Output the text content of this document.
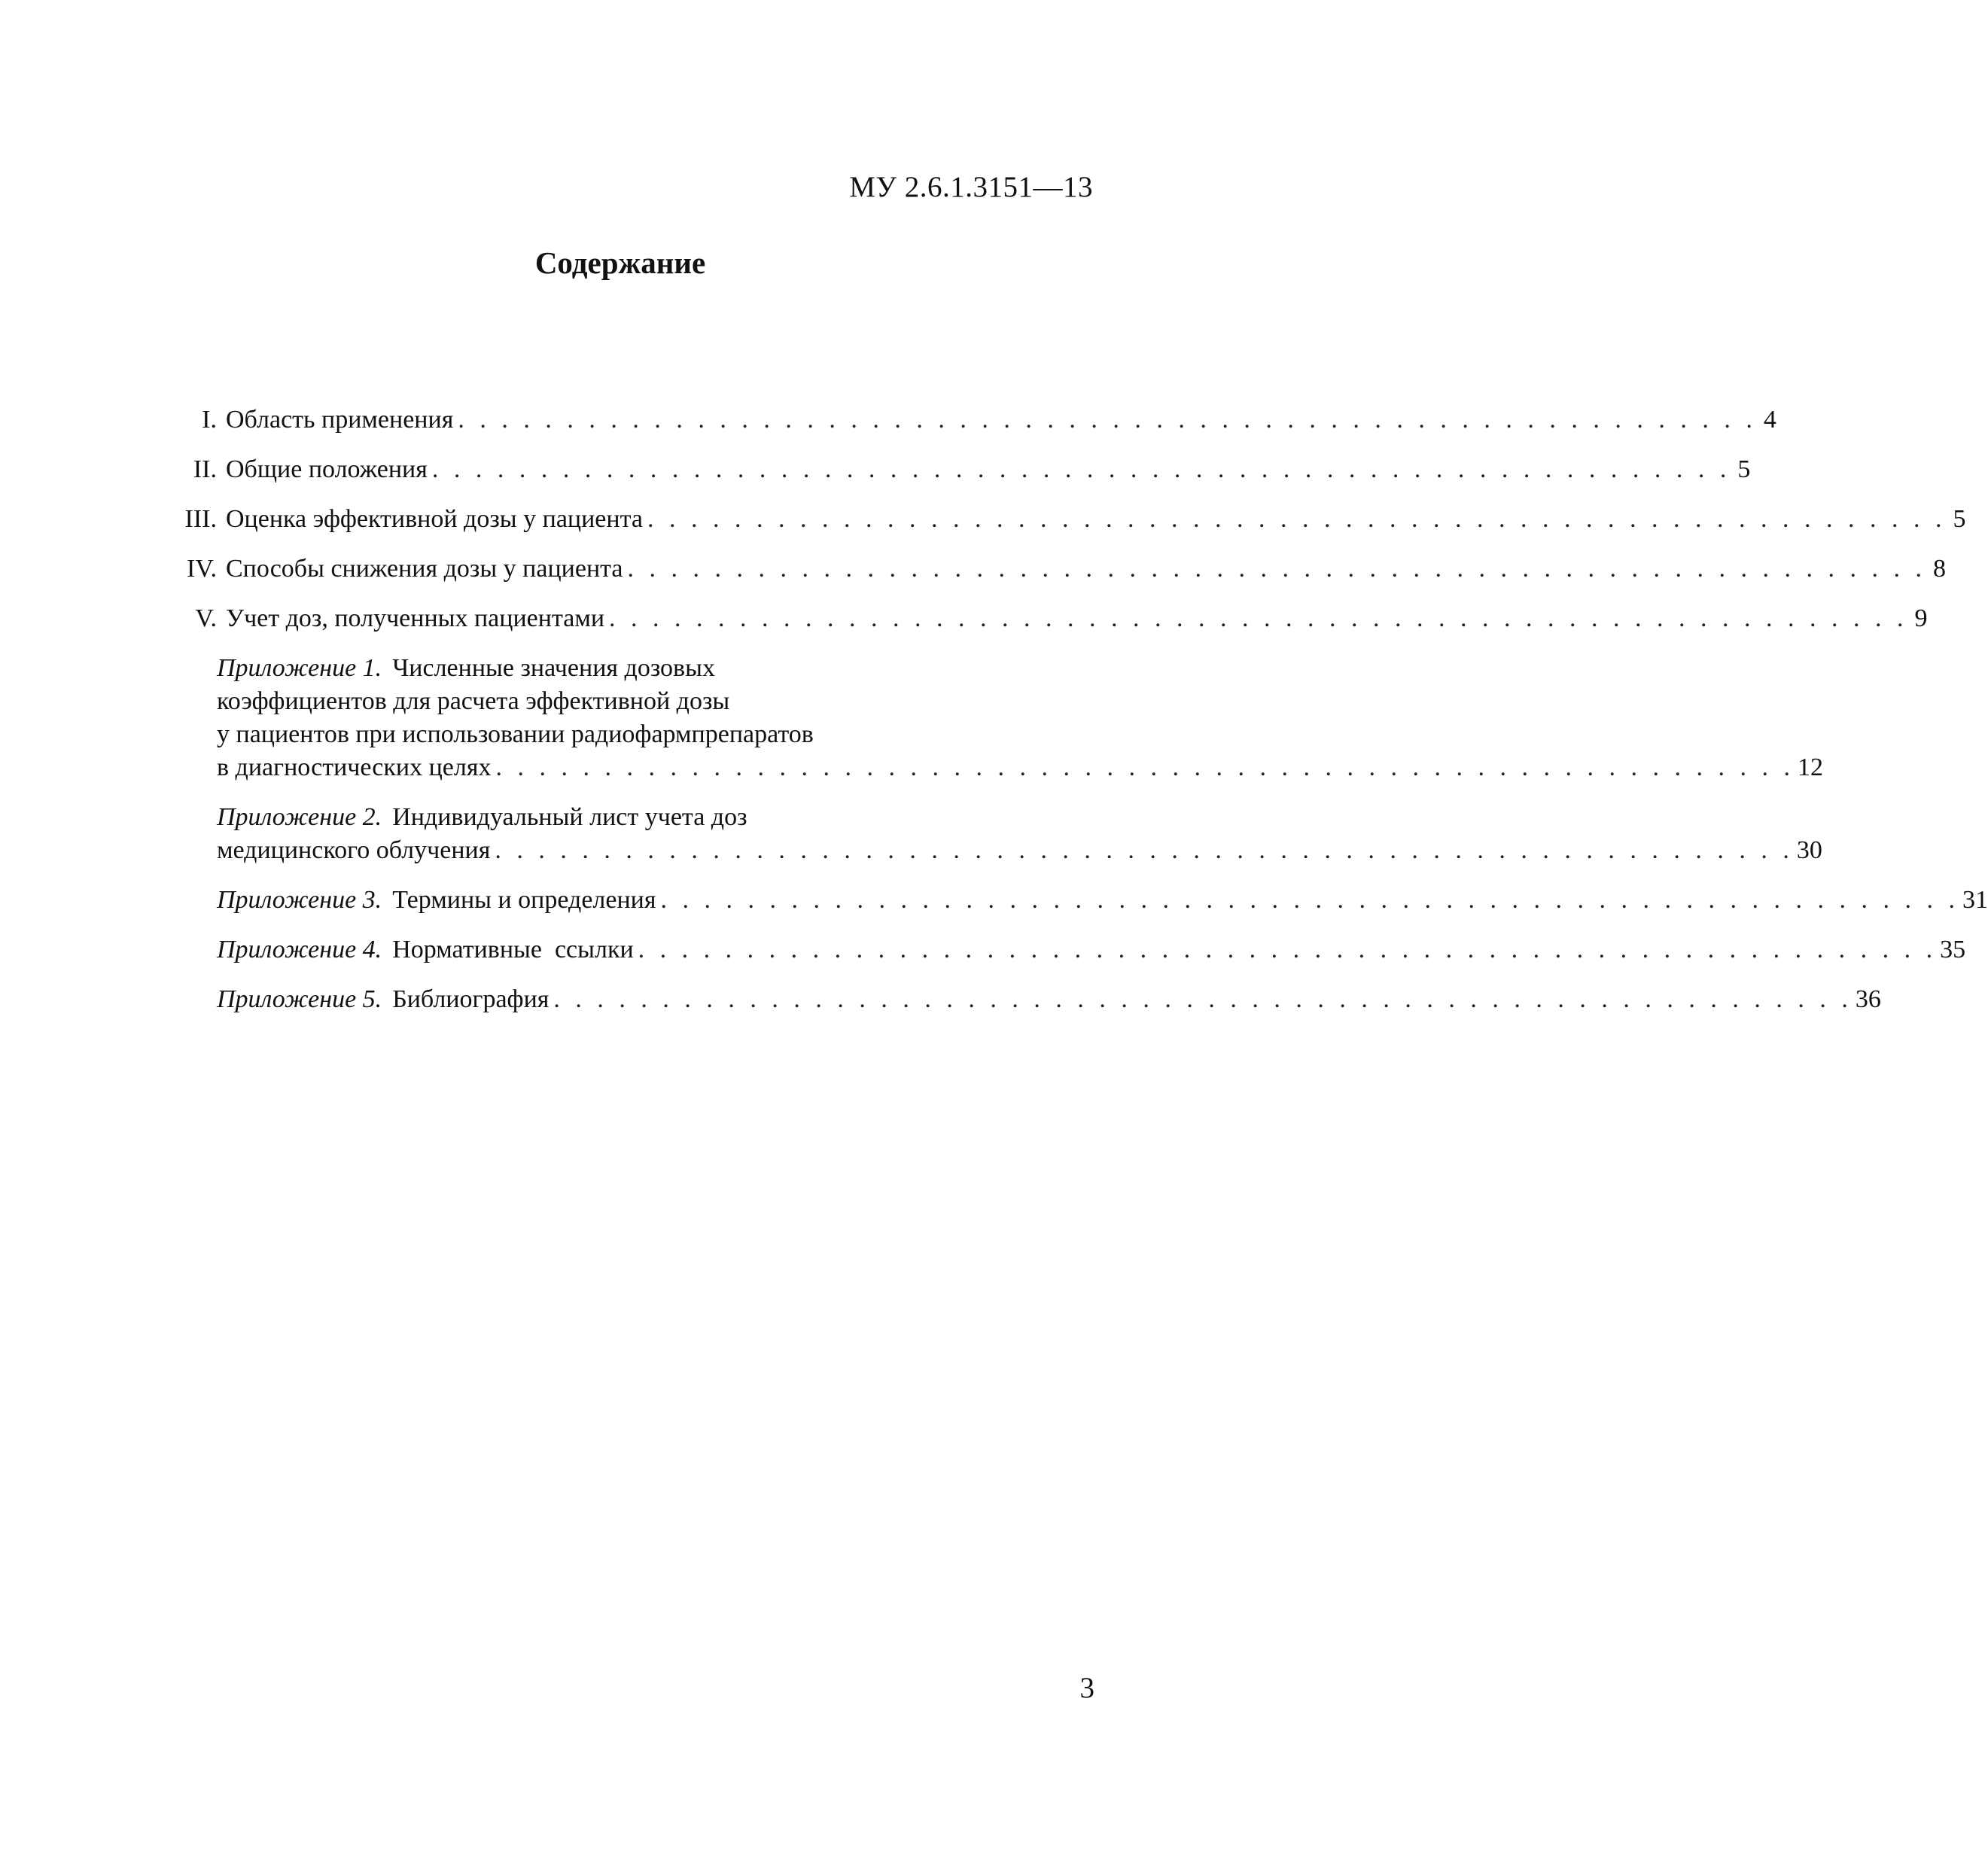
МУ 2.6.1.3151—13
Содержание
I. Область применения . . . . . . . . . . . . . . . . . . . . . . . . . . . . . . . . . . . . . . . . . . . . . . . . . . . . . . . . . . . . 4
II. Общие положения . . . . . . . . . . . . . . . . . . . . . . . . . . . . . . . . . . . . . . . . . . . . . . . . . . . . . . . . . . . . 5
III. Оценка эффективной дозы у пациента . . . . . . . . . . . . . . . . . . . . . . . . . . . . . . . . . . . . . . . . . . . . . . . . . . . . . . . . . . . . 5
IV. Способы снижения дозы у пациента . . . . . . . . . . . . . . . . . . . . . . . . . . . . . . . . . . . . . . . . . . . . . . . . . . . . . . . . . . . . 8
V. Учет доз, полученных пациентами . . . . . . . . . . . . . . . . . . . . . . . . . . . . . . . . . . . . . . . . . . . . . . . . . . . . . . . . . . . . 9
Приложение 1. Численные значения дозовых
коэффициентов для расчета эффективной дозы
у пациентов при использовании радиофармпрепаратов
в диагностических целях . . . . . . . . . . . . . . . . . . . . . . . . . . . . . . . . . . . . . . . . . . . . . . . . . . . . . . . . . . . . 12
Приложение 2. Индивидуальный лист учета доз
медицинского облучения . . . . . . . . . . . . . . . . . . . . . . . . . . . . . . . . . . . . . . . . . . . . . . . . . . . . . . . . . . . . 30
Приложение 3. Термины и определения . . . . . . . . . . . . . . . . . . . . . . . . . . . . . . . . . . . . . . . . . . . . . . . . . . . . . . . . . . . . 31
Приложение 4. Нормативные  ссылки . . . . . . . . . . . . . . . . . . . . . . . . . . . . . . . . . . . . . . . . . . . . . . . . . . . . . . . . . . . . 35
Приложение 5. Библиография . . . . . . . . . . . . . . . . . . . . . . . . . . . . . . . . . . . . . . . . . . . . . . . . . . . . . . . . . . . . 36
3
